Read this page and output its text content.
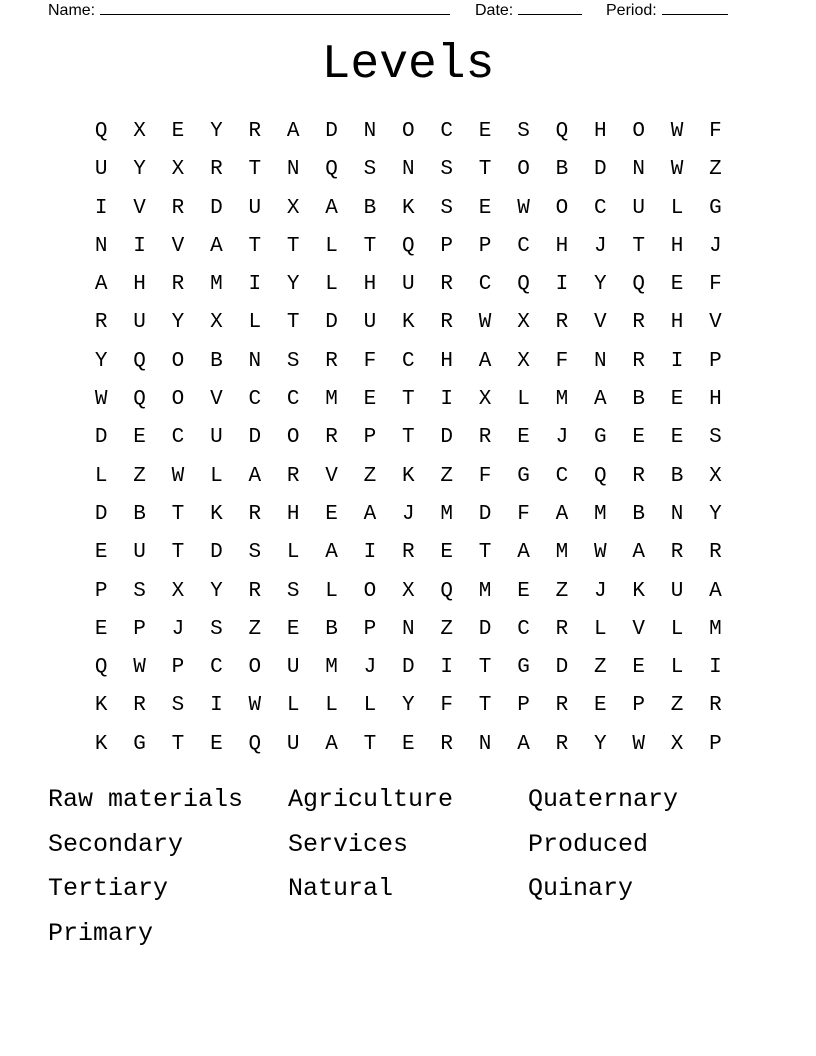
Name:	Date:	Period:
Levels
Q	X	E	Y	R	A	D	N	O	C	E	S	Q	H	O	W	F
U	Y	X	R	T	N	Q	S	N	S	T	O	B	D	N	W	Z
I	V	R	D	U	X	A	B	K	S	E	W	O	C	U	L	G
N	I	V	A	T	T	L	T	Q	P	P	C	H	J	T	H	J
A	H	R	M	I	Y	L	H	U	R	C	Q	I	Y	Q	E	F
R	U	Y	X	L	T	D	U	K	R	W	X	R	V	R	H	V
Y	Q	O	B	N	S	R	F	C	H	A	X	F	N	R	I	P
W	Q	O	V	C	C	M	E	T	I	X	L	M	A	B	E	H
D	E	C	U	D	O	R	P	T	D	R	E	J	G	E	E	S
L	Z	W	L	A	R	V	Z	K	Z	F	G	C	Q	R	B	X
D	B	T	K	R	H	E	A	J	M	D	F	A	M	B	N	Y
E	U	T	D	S	L	A	I	R	E	T	A	M	W	A	R	R
P	S	X	Y	R	S	L	O	X	Q	M	E	Z	J	K	U	A
E	P	J	S	Z	E	B	P	N	Z	D	C	R	L	V	L	M
Q	W	P	C	O	U	M	J	D	I	T	G	D	Z	E	L	I
K	R	S	I	W	L	L	L	Y	F	T	P	R	E	P	Z	R
K	G	T	E	Q	U	A	T	E	R	N	A	R	Y	W	X	P
Raw materials	Agriculture	Quaternary
Secondary	Services	Produced
Tertiary	Natural	Quinary
Primary
